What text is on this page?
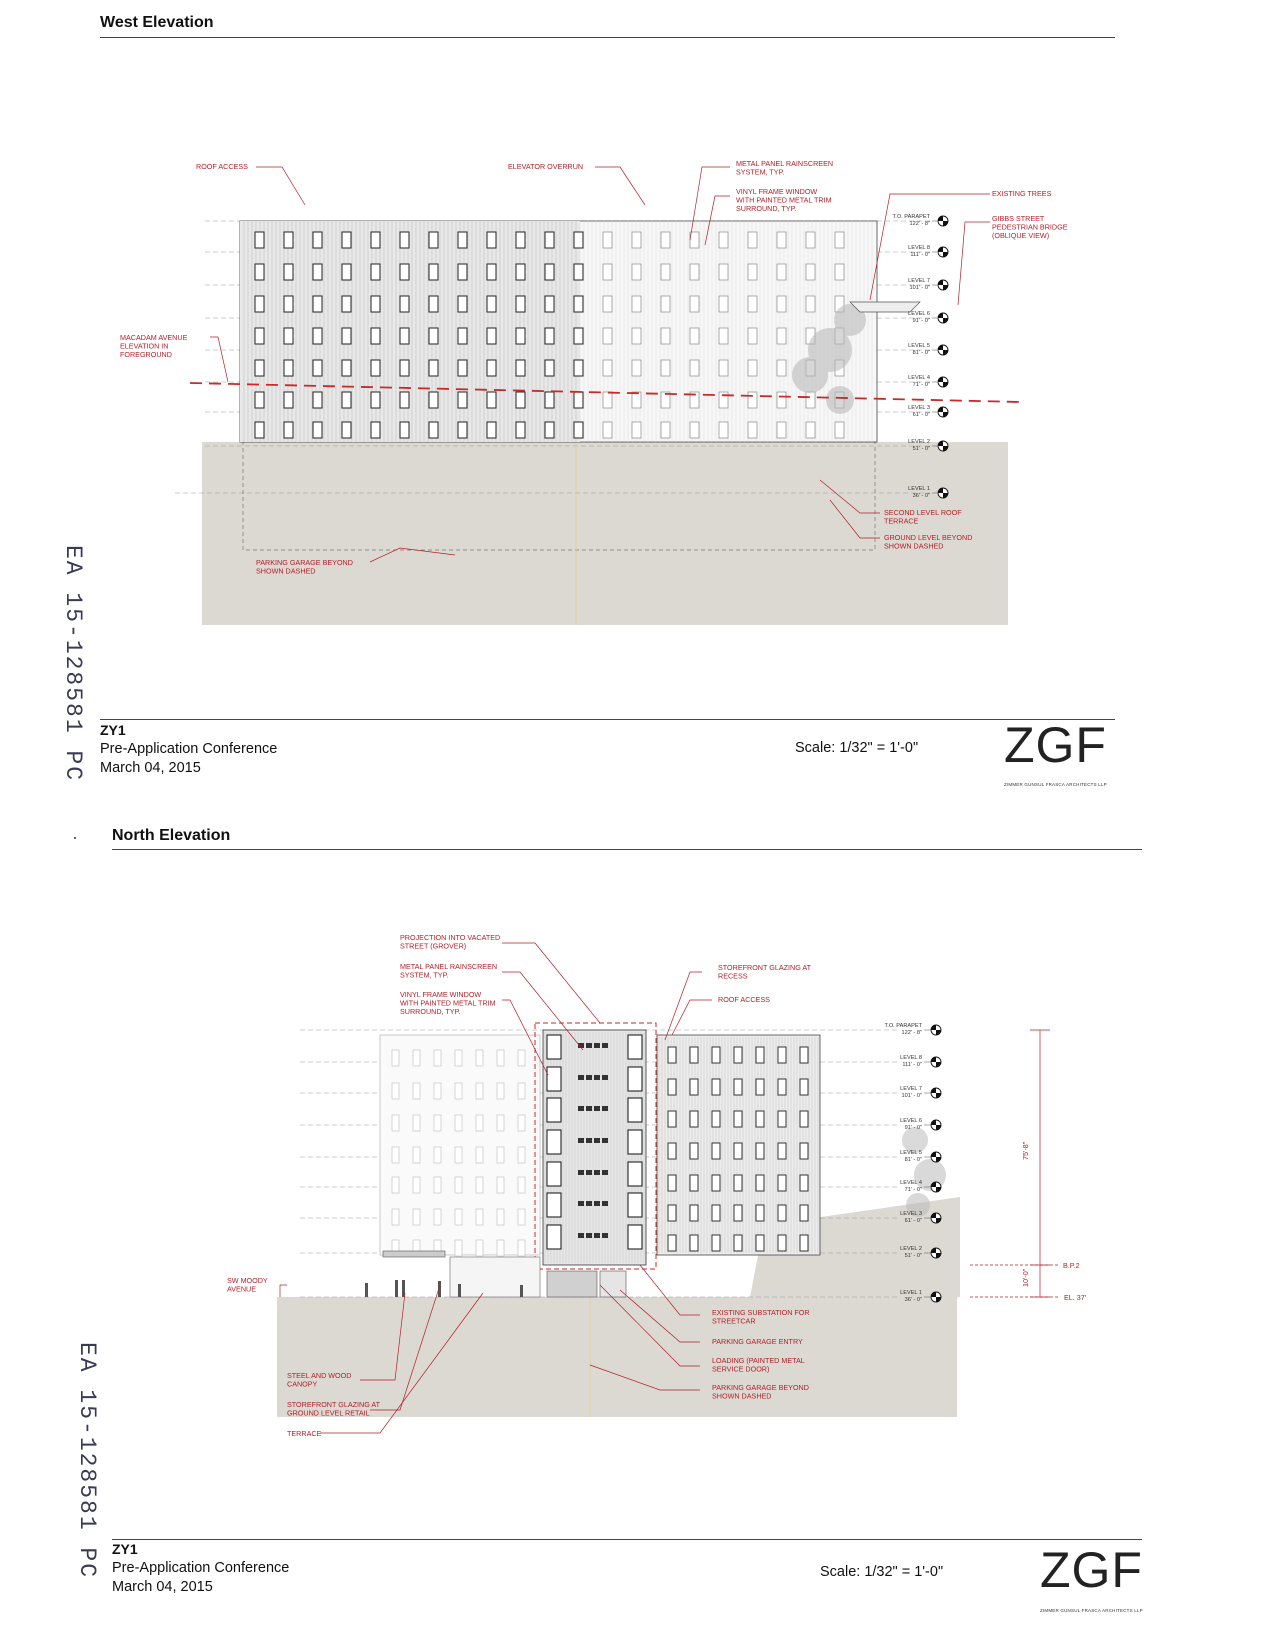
West Elevation
ROOF ACCESS	ELEVATOR OVERRUN	METAL PANEL RAINSCREEN SYSTEM, TYP.
VINYL FRAME WINDOW WITH PAINTED METAL TRIM SURROUND, TYP.
EXISTING TREES
GIBBS STREET PEDESTRIAN BRIDGE (OBLIQUE VIEW)
MACADAM AVENUE ELEVATION IN FOREGROUND
SECOND LEVEL ROOF TERRACE
GROUND LEVEL BEYOND SHOWN DASHED
PARKING GARAGE BEYOND SHOWN DASHED
T.O. PARAPET
122' - 8"
LEVEL 8
111' - 0"
LEVEL 7
101' - 0"
LEVEL 6
91' - 0"
LEVEL 5
81' - 0"
LEVEL 4
71' - 0"
LEVEL 3
61' - 0"
LEVEL 2
51' - 0"
LEVEL 1
36' - 0"
ZY1
Pre-Application Conference
March 04, 2015
Scale: 1/32" = 1'-0" ZGF
ZIMMER GUNSUL FRASCA ARCHITECTS LLP
EA 15-128581 PC
North Elevation
75'-8"
10'-0"
B.P.2
EL. 37'
PROJECTION INTO VACATED STREET (GROVER)
METAL PANEL RAINSCREEN SYSTEM, TYP.
VINYL FRAME WINDOW WITH PAINTED METAL TRIM SURROUND, TYP.
STOREFRONT GLAZING AT RECESS
ROOF ACCESS
SW MOODY AVENUE
EXISTING SUBSTATION FOR STREETCAR
PARKING GARAGE ENTRY
LOADING (PAINTED METAL SERVICE DOOR)
PARKING GARAGE BEYOND SHOWN DASHED
STEEL AND WOOD CANOPY
STOREFRONT GLAZING AT GROUND LEVEL RETAIL
TERRACE
T.O. PARAPET
122' - 8"
LEVEL 8
111' - 0"
LEVEL 7
101' - 0"
LEVEL 6
91' - 0"
LEVEL 5
81' - 0"
LEVEL 4
71' - 0"
LEVEL 3
61' - 0"
LEVEL 2
51' - 0"
LEVEL 1
36' - 0"
ZY1
Pre-Application Conference
March 04, 2015
Scale: 1/32" = 1'-0" ZGF
ZIMMER GUNSUL FRASCA ARCHITECTS LLP
EA 15-128581 PC
